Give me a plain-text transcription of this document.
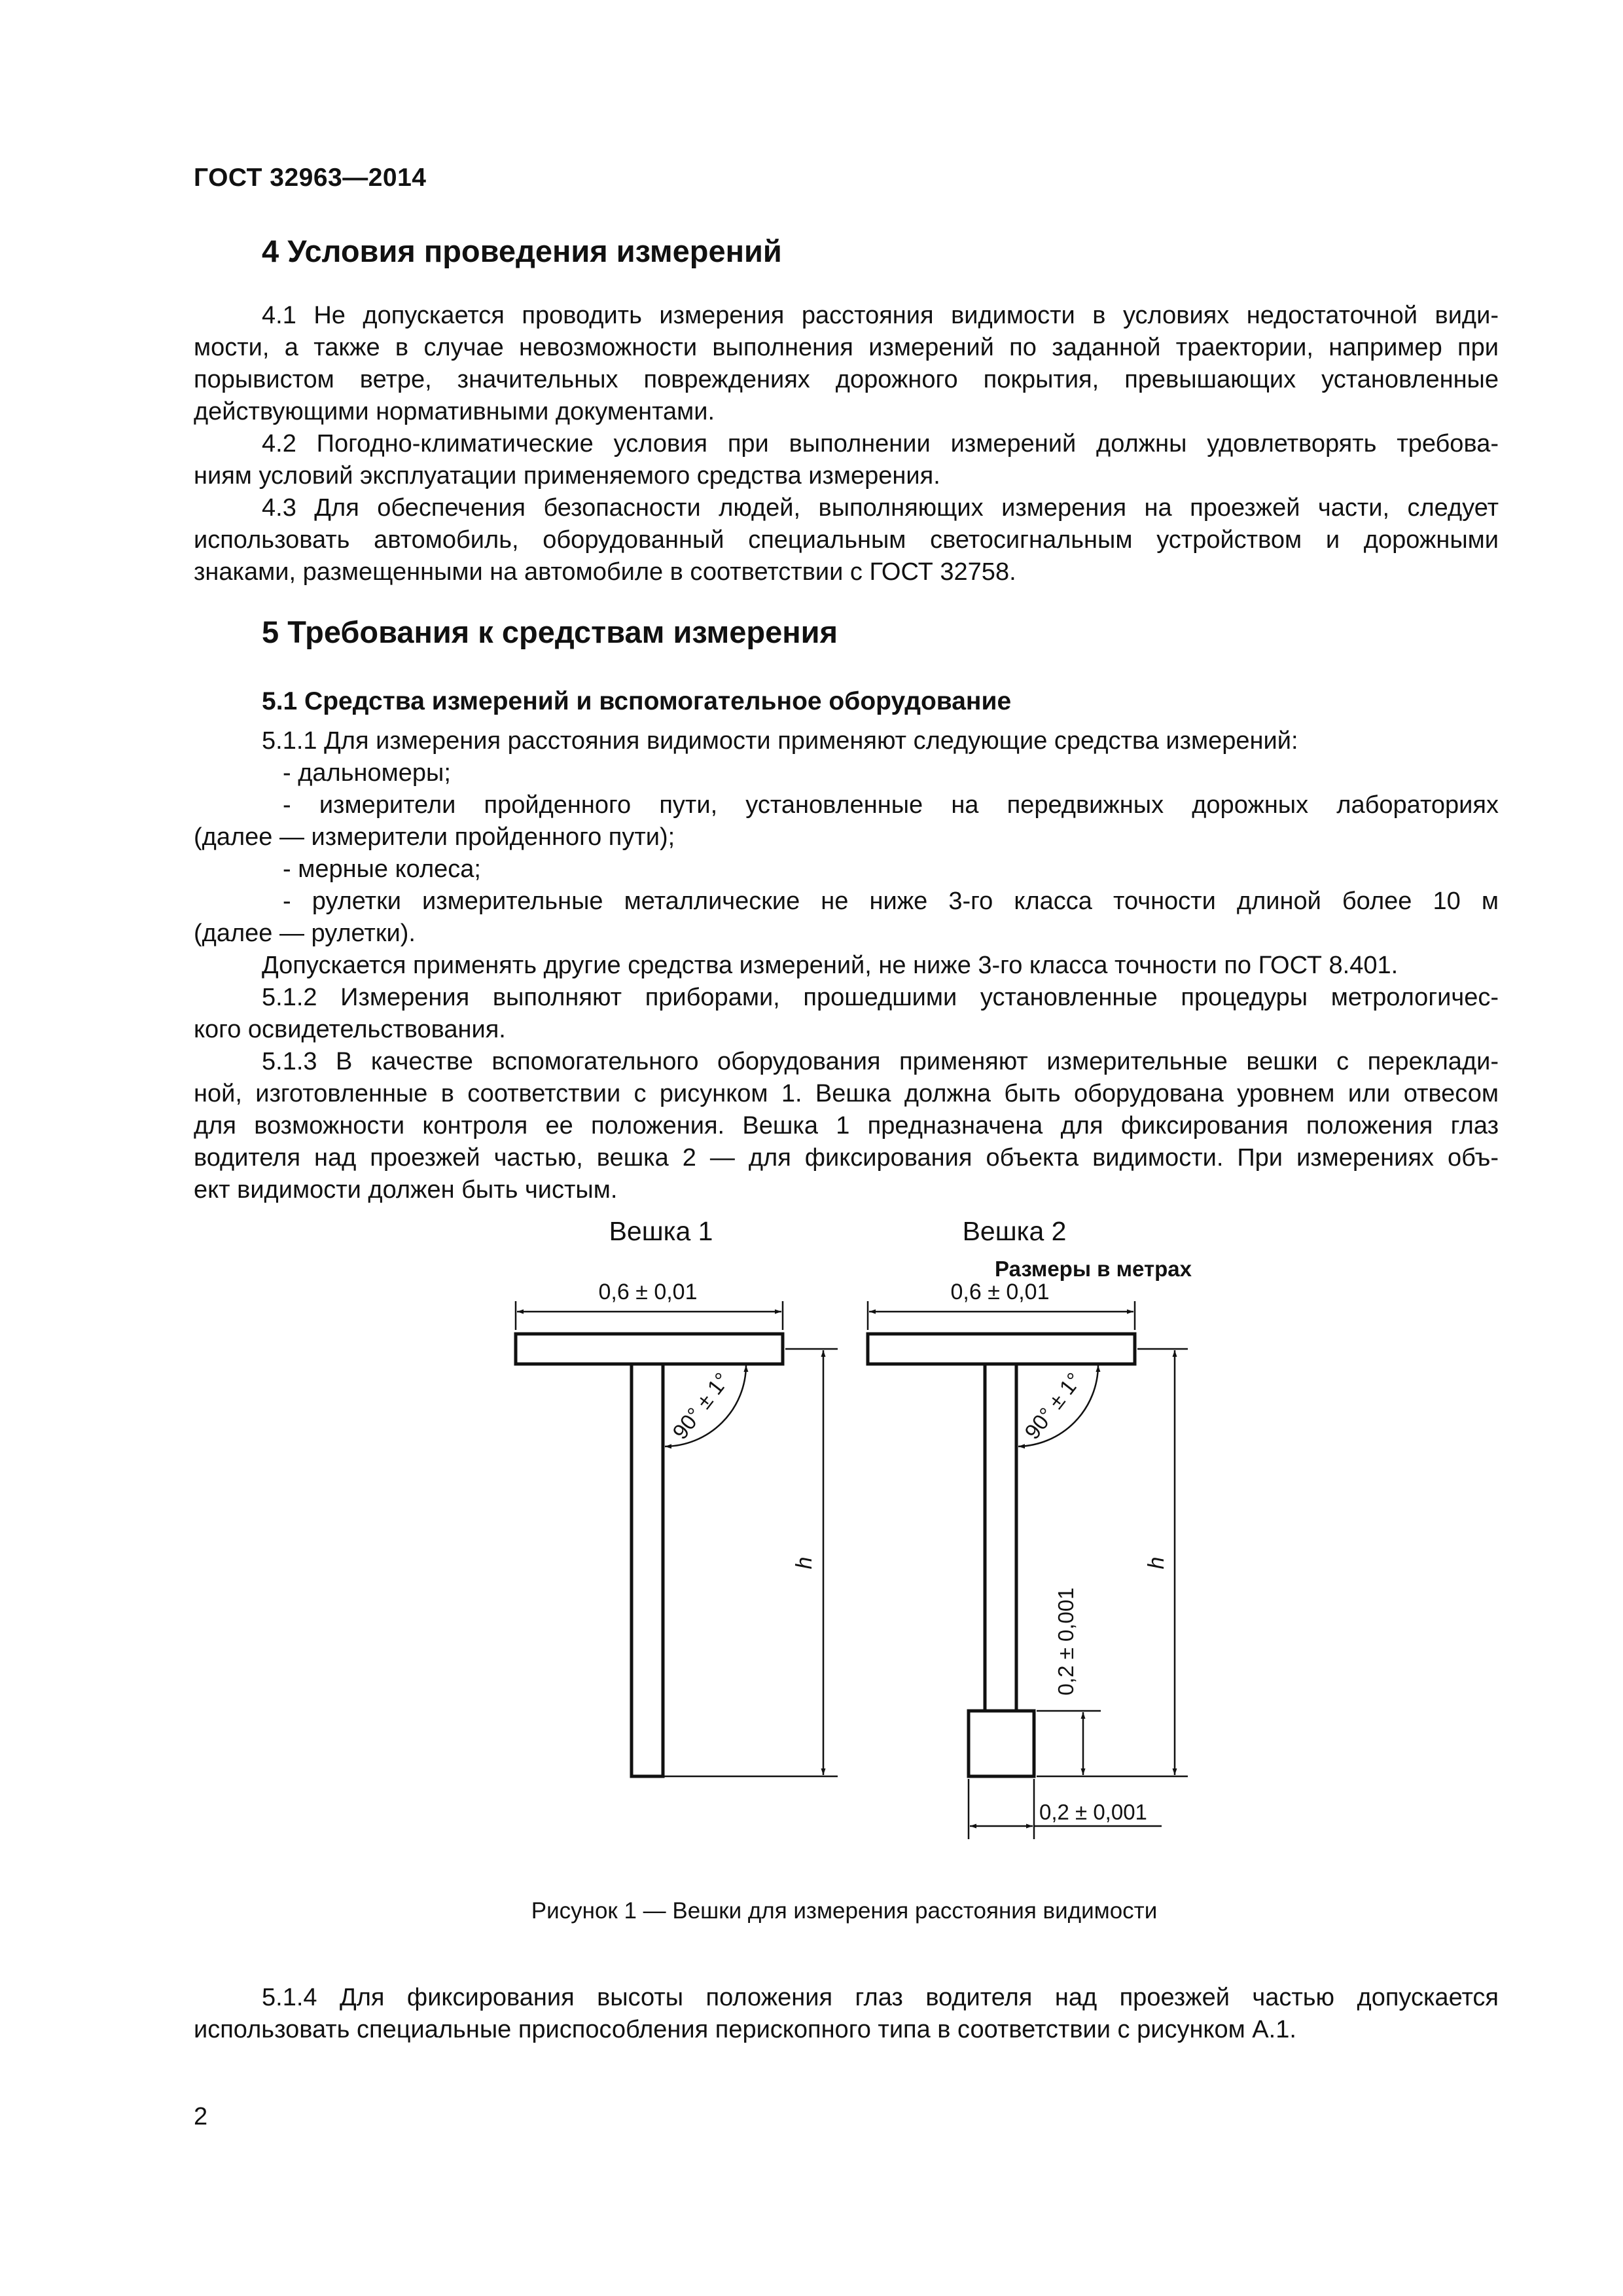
ГОСТ 32963—2014
4 Условия проведения измерений
4.1 Не допускается проводить измерения расстояния видимости в условиях недостаточной види-
мости, а также в случае невозможности выполнения измерений по заданной траектории, например при
порывистом ветре, значительных повреждениях дорожного покрытия, превышающих установленные
действующими нормативными документами.
4.2 Погодно-климатические условия при выполнении измерений должны удовлетворять требова-
ниям условий эксплуатации применяемого средства измерения.
4.3 Для обеспечения безопасности людей, выполняющих измерения на проезжей части, следует
использовать автомобиль, оборудованный специальным светосигнальным устройством и дорожными
знаками, размещенными на автомобиле в соответствии с ГОСТ 32758.
5 Требования к средствам измерения
5.1 Средства измерений и вспомогательное оборудование
5.1.1 Для измерения расстояния видимости применяют следующие средства измерений:
- дальномеры;
- измерители пройденного пути, установленные на передвижных дорожных лабораториях
(далее — измерители пройденного пути);
- мерные колеса;
- рулетки измерительные металлические не ниже 3-го класса точности длиной более 10 м
(далее — рулетки).
Допускается применять другие средства измерений, не ниже 3-го класса точности по ГОСТ 8.401.
5.1.2 Измерения выполняют приборами, прошедшими установленные процедуры метрологичес-
кого освидетельствования.
5.1.3 В качестве вспомогательного оборудования применяют измерительные вешки с переклади-
ной, изготовленные в соответствии с рисунком 1. Вешка должна быть оборудована уровнем или отвесом
для возможности контроля ее положения. Вешка 1 предназначена для фиксирования положения глаз
водителя над проезжей частью, вешка 2 — для фиксирования объекта видимости. При измерениях объ-
ект видимости должен быть чистым.
Вешка 1	Вешка 2
Размеры в метрах
0,6 ± 0,01
90° ± 1°
h
0,6 ± 0,01
90° ± 1°
h
0,2 ± 0,001
0,2 ± 0,001
Рисунок 1 — Вешки для измерения расстояния видимости
5.1.4 Для фиксирования высоты положения глаз водителя над проезжей частью допускается
использовать специальные приспособления перископного типа в соответствии с рисунком А.1.
2
